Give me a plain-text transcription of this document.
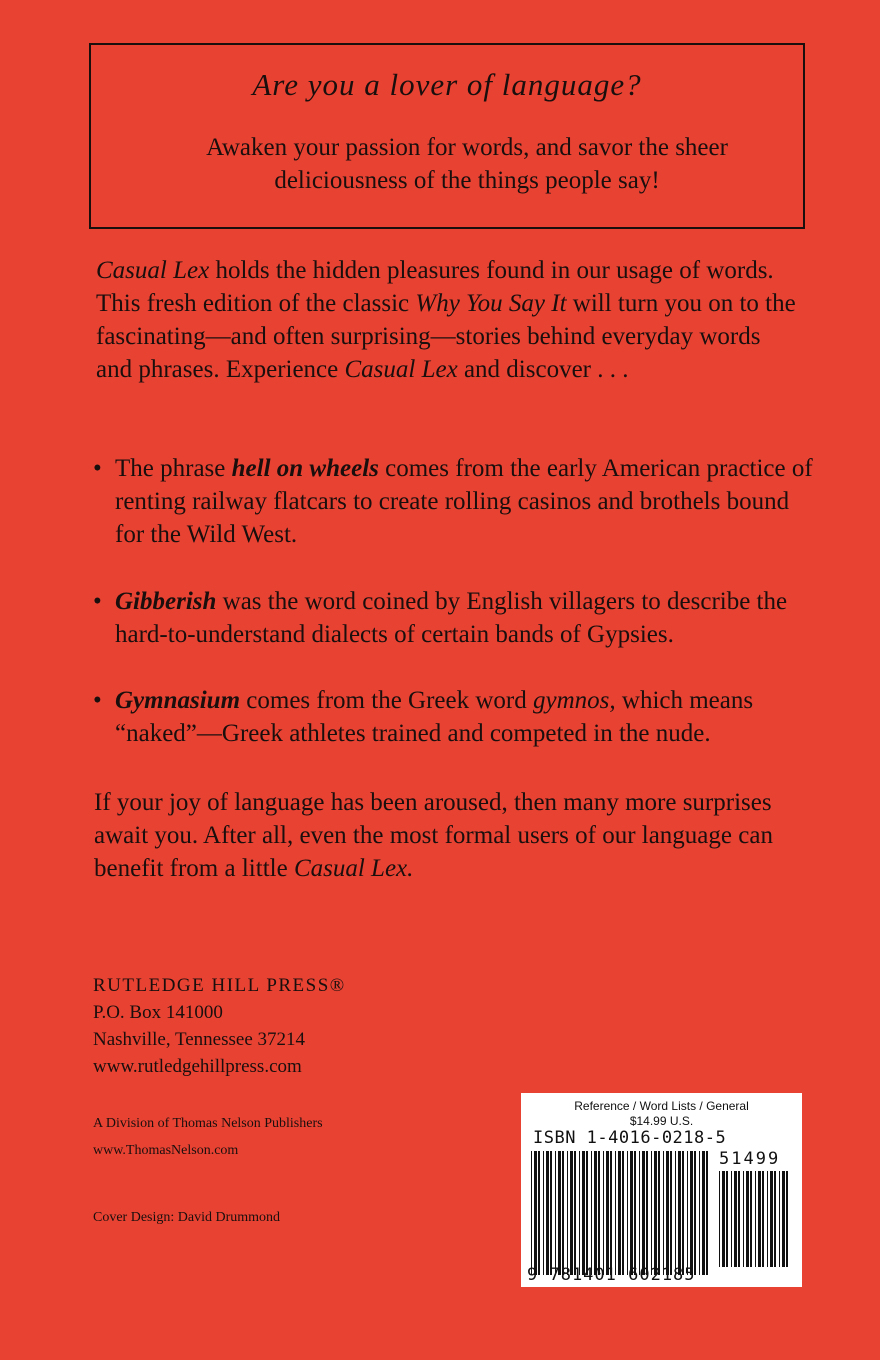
Are you a lover of language?
Awaken your passion for words, and savor the sheer deliciousness of the things people say!
Casual Lex holds the hidden pleasures found in our usage of words. This fresh edition of the classic Why You Say It will turn you on to the fascinating—and often surprising—stories behind everyday words and phrases. Experience Casual Lex and discover . . .
• The phrase hell on wheels comes from the early American practice of renting railway flatcars to create rolling casinos and brothels bound for the Wild West.
• Gibberish was the word coined by English villagers to describe the hard-to-understand dialects of certain bands of Gypsies.
• Gymnasium comes from the Greek word gymnos, which means “naked”—Greek athletes trained and competed in the nude.
If your joy of language has been aroused, then many more surprises await you. After all, even the most formal users of our language can benefit from a little Casual Lex.
RUTLEDGE HILL PRESS®
P.O. Box 141000
Nashville, Tennessee 37214
www.rutledgehillpress.com
A Division of Thomas Nelson Publishers
www.ThomasNelson.com
Cover Design: David Drummond
Reference / Word Lists / General
$14.99 U.S.
ISBN 1-4016-0218-5
51499
9 781401 602185
